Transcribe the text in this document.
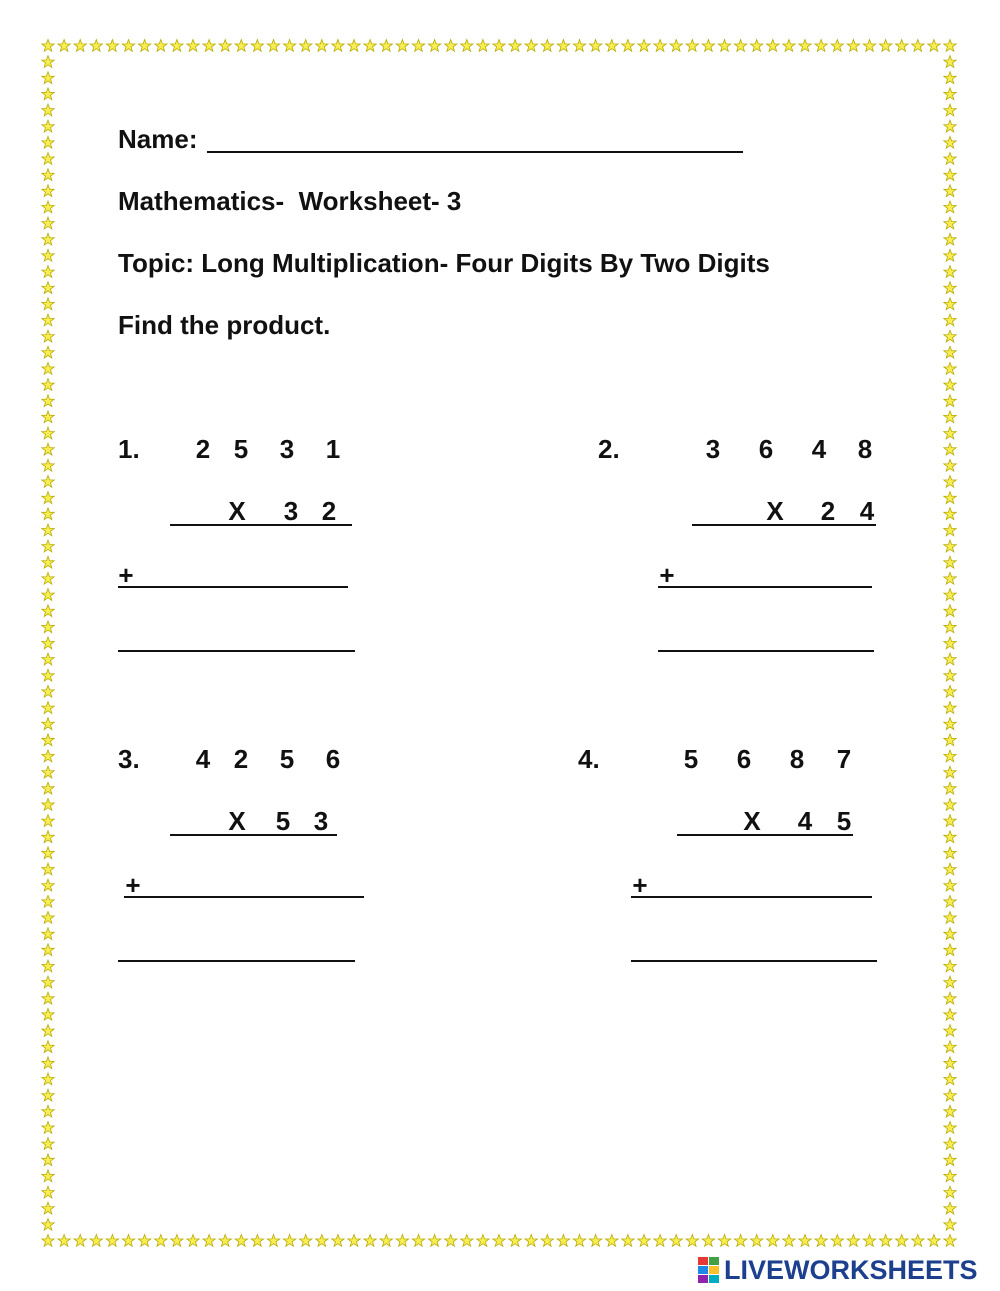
Name:
Mathematics-  Worksheet- 3
Topic: Long Multiplication- Four Digits By Two Digits
Find the product.
1. 2 5 3 1
X 3 2
+
2.	3 6 4 8
X 2 4
+
3. 4 2 5 6
X 5 3
+
4.	5 6 8 7
X 4 5
+
LIVEWORKSHEETS
